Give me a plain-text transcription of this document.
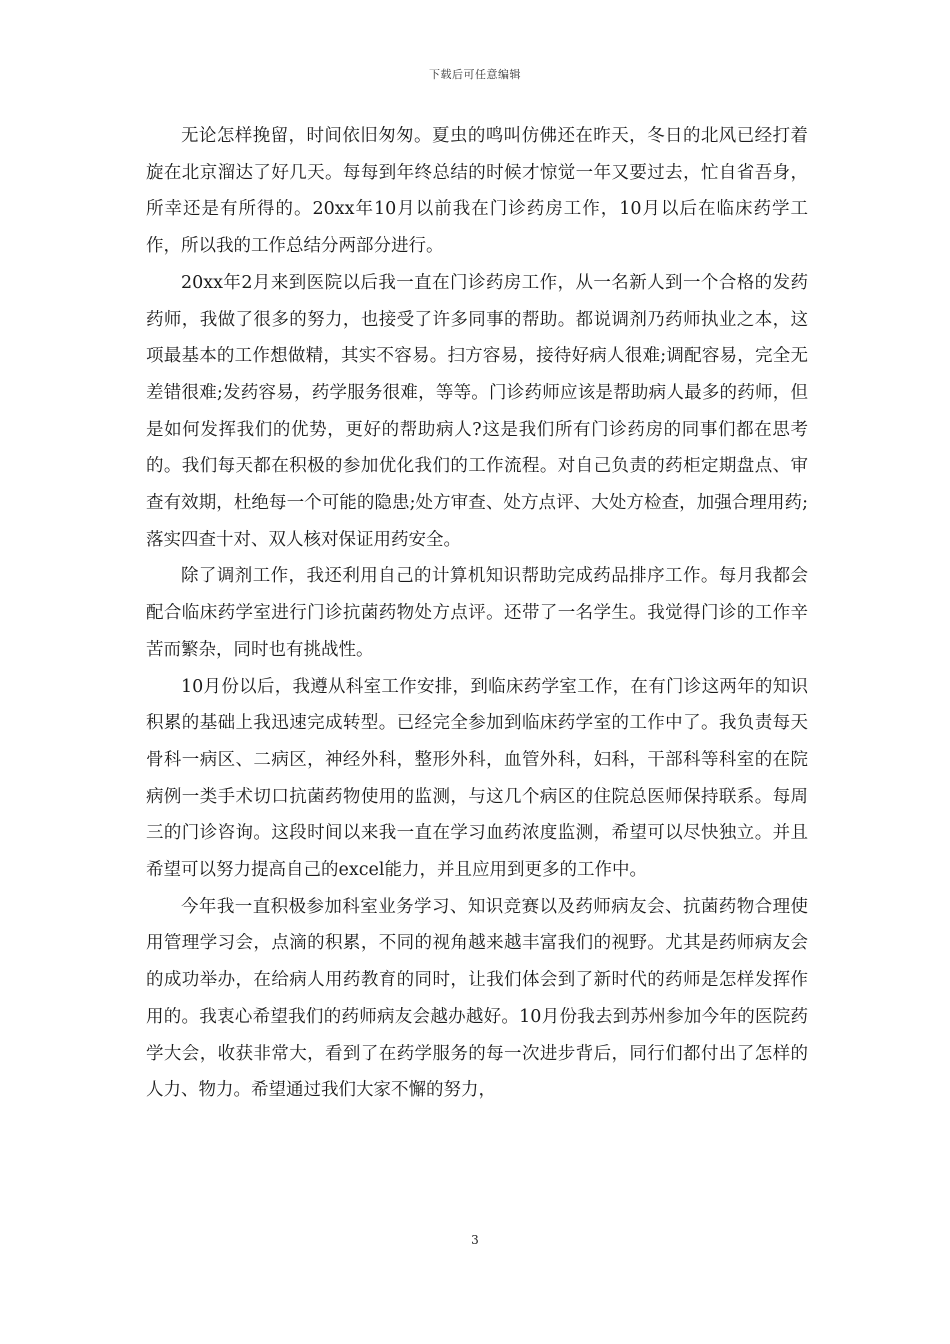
下载后可任意编辑

无论怎样挽留，时间依旧匆匆。夏虫的鸣叫仿佛还在昨天，冬日的北风已经打着旋在北京溜达了好几天。每每到年终总结的时候才惊觉一年又要过去，忙自省吾身，所幸还是有所得的。20xx年10月以前我在门诊药房工作，10月以后在临床药学工作，所以我的工作总结分两部分进行。

20xx年2月来到医院以后我一直在门诊药房工作，从一名新人到一个合格的发药药师，我做了很多的努力，也接受了许多同事的帮助。都说调剂乃药师执业之本，这项最基本的工作想做精，其实不容易。扫方容易，接待好病人很难;调配容易，完全无差错很难;发药容易，药学服务很难，等等。门诊药师应该是帮助病人最多的药师，但是如何发挥我们的优势，更好的帮助病人?这是我们所有门诊药房的同事们都在思考的。我们每天都在积极的参加优化我们的工作流程。对自己负责的药柜定期盘点、审查有效期，杜绝每一个可能的隐患;处方审查、处方点评、大处方检查，加强合理用药;落实四查十对、双人核对保证用药安全。

除了调剂工作，我还利用自己的计算机知识帮助完成药品排序工作。每月我都会配合临床药学室进行门诊抗菌药物处方点评。还带了一名学生。我觉得门诊的工作辛苦而繁杂，同时也有挑战性。

10月份以后，我遵从科室工作安排，到临床药学室工作，在有门诊这两年的知识积累的基础上我迅速完成转型。已经完全参加到临床药学室的工作中了。我负责每天骨科一病区、二病区，神经外科，整形外科，血管外科，妇科，干部科等科室的在院病例一类手术切口抗菌药物使用的监测，与这几个病区的住院总医师保持联系。每周三的门诊咨询。这段时间以来我一直在学习血药浓度监测，希望可以尽快独立。并且希望可以努力提高自己的excel能力，并且应用到更多的工作中。

今年我一直积极参加科室业务学习、知识竞赛以及药师病友会、抗菌药物合理使用管理学习会，点滴的积累，不同的视角越来越丰富我们的视野。尤其是药师病友会的成功举办，在给病人用药教育的同时，让我们体会到了新时代的药师是怎样发挥作用的。我衷心希望我们的药师病友会越办越好。10月份我去到苏州参加今年的医院药学大会，收获非常大，看到了在药学服务的每一次进步背后，同行们都付出了怎样的人力、物力。希望通过我们大家不懈的努力，

3
